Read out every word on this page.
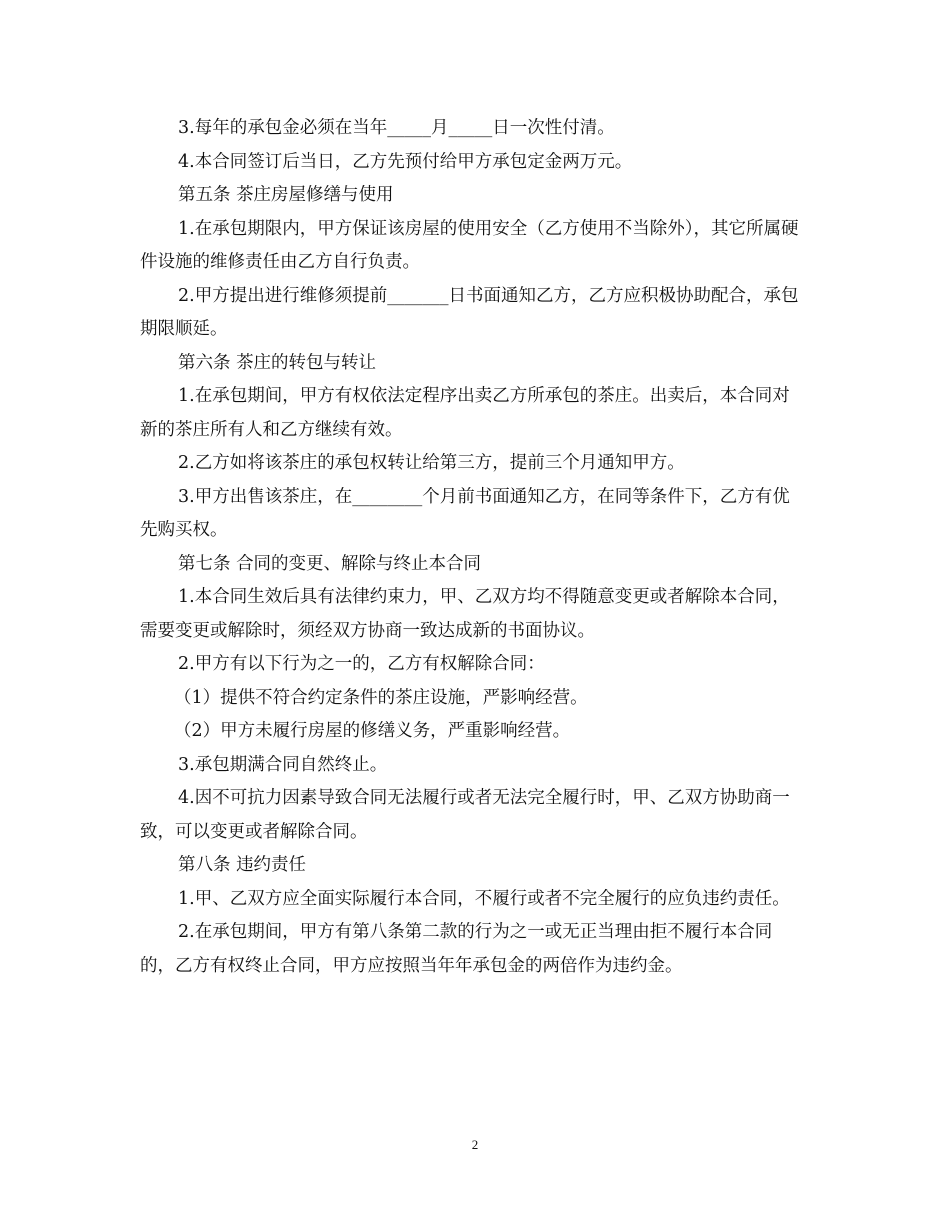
3.每年的承包金必须在当年_____月_____日一次性付清。

4.本合同签订后当日，乙方先预付给甲方承包定金两万元。

第五条 茶庄房屋修缮与使用

1.在承包期限内，甲方保证该房屋的使用安全（乙方使用不当除外），其它所属硬件设施的维修责任由乙方自行负责。

2.甲方提出进行维修须提前_______日书面通知乙方，乙方应积极协助配合，承包期限顺延。

第六条 茶庄的转包与转让

1.在承包期间，甲方有权依法定程序出卖乙方所承包的茶庄。出卖后，本合同对新的茶庄所有人和乙方继续有效。

2.乙方如将该茶庄的承包权转让给第三方，提前三个月通知甲方。

3.甲方出售该茶庄，在________个月前书面通知乙方，在同等条件下，乙方有优先购买权。

第七条 合同的变更、解除与终止本合同

1.本合同生效后具有法律约束力，甲、乙双方均不得随意变更或者解除本合同，需要变更或解除时，须经双方协商一致达成新的书面协议。

2.甲方有以下行为之一的，乙方有权解除合同：

（1）提供不符合约定条件的茶庄设施，严影响经营。

（2）甲方未履行房屋的修缮义务，严重影响经营。

3.承包期满合同自然终止。

4.因不可抗力因素导致合同无法履行或者无法完全履行时，甲、乙双方协助商一致，可以变更或者解除合同。

第八条 违约责任

1.甲、乙双方应全面实际履行本合同，不履行或者不完全履行的应负违约责任。

2.在承包期间，甲方有第八条第二款的行为之一或无正当理由拒不履行本合同的，乙方有权终止合同，甲方应按照当年年承包金的两倍作为违约金。

2
